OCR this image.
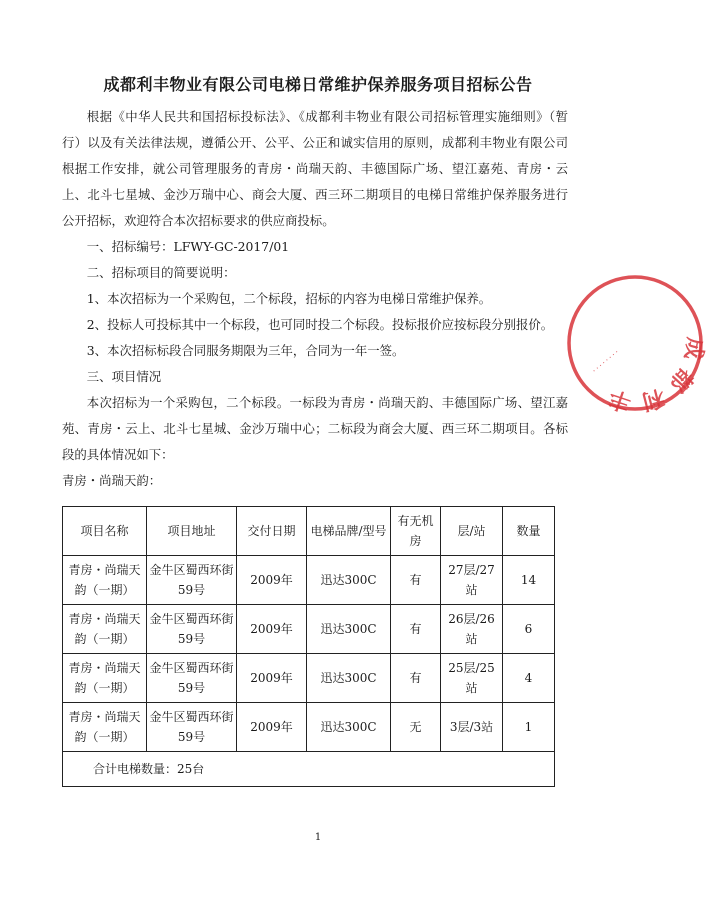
成都利丰物业有限公司电梯日常维护保养服务项目招标公告

根据《中华人民共和国招标投标法》、《成都利丰物业有限公司招标管理实施细则》（暂行）以及有关法律法规，遵循公开、公平、公正和诚实信用的原则，成都利丰物业有限公司根据工作安排，就公司管理服务的青房・尚瑞天韵、丰德国际广场、望江嘉苑、青房・云上、北斗七星城、金沙万瑞中心、商会大厦、西三环二期项目的电梯日常维护保养服务进行公开招标，欢迎符合本次招标要求的供应商投标。

一、招标编号：LFWY-GC-2017/01

二、招标项目的简要说明：

1、本次招标为一个采购包，二个标段，招标的内容为电梯日常维护保养。

2、投标人可投标其中一个标段，也可同时投二个标段。投标报价应按标段分别报价。

3、本次招标标段合同服务期限为三年，合同为一年一签。

三、项目情况

本次招标为一个采购包，二个标段。一标段为青房・尚瑞天韵、丰德国际广场、望江嘉苑、青房・云上、北斗七星城、金沙万瑞中心；二标段为商会大厦、西三环二期项目。各标段的具体情况如下：

青房・尚瑞天韵：

项目名称	项目地址	交付日期	电梯品牌/型号	有无机房	层/站	数量
青房・尚瑞天韵（一期）	金牛区蜀西环街59号	2009年	迅达300C	有	27层/27站	14
青房・尚瑞天韵（一期）	金牛区蜀西环街59号	2009年	迅达300C	有	26层/26站	6
青房・尚瑞天韵（一期）	金牛区蜀西环街59号	2009年	迅达300C	有	25层/25站	4
青房・尚瑞天韵（一期）	金牛区蜀西环街59号	2009年	迅达300C	无	3层/3站	1
合计电梯数量：25台						
1
成都利丰
········
